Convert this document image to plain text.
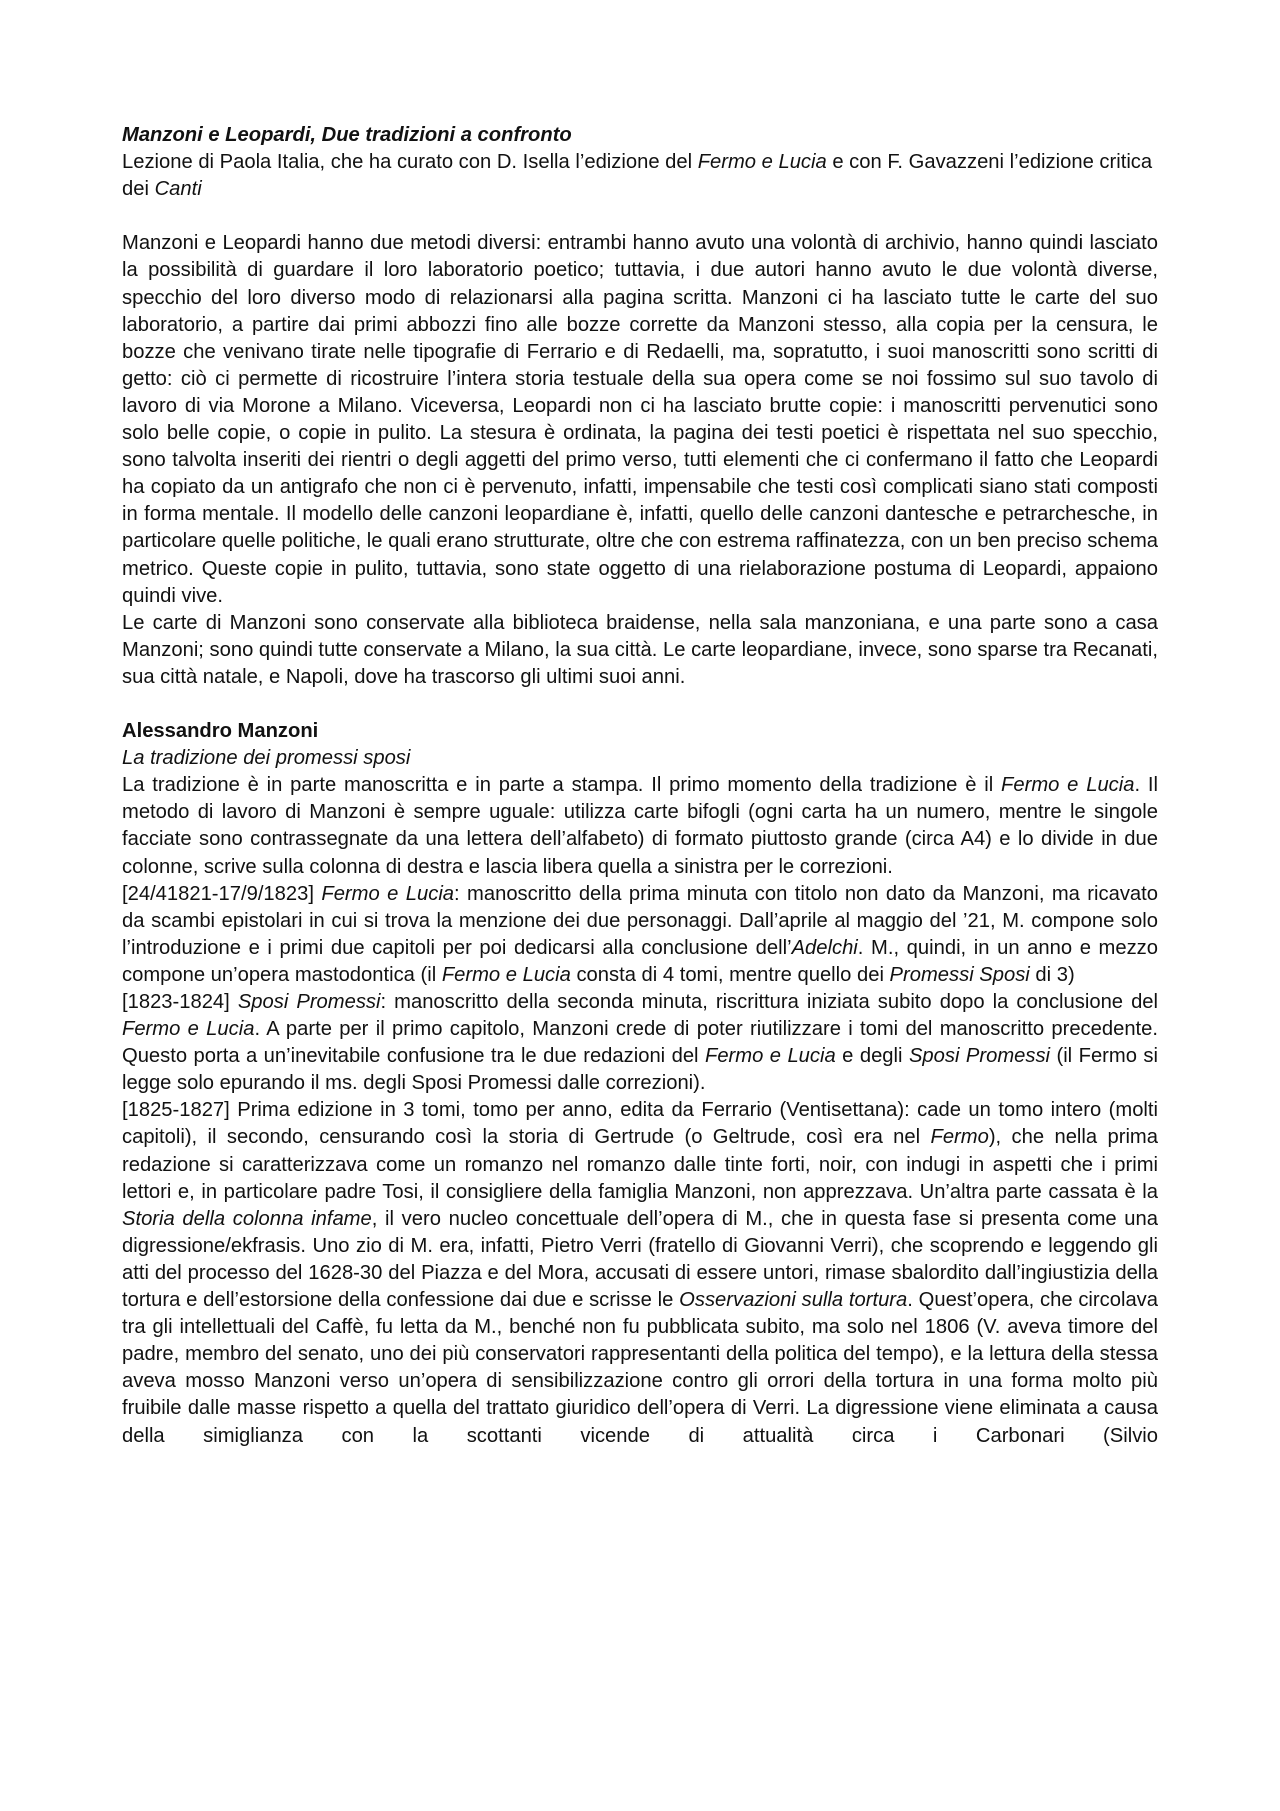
Manzoni e Leopardi, Due tradizioni a confronto

Lezione di Paola Italia, che ha curato con D. Isella l’edizione del Fermo e Lucia e con F. Gavazzeni l’edizione critica dei Canti

Manzoni e Leopardi hanno due metodi diversi: entrambi hanno avuto una volontà di archivio, hanno quindi lasciato la possibilità di guardare il loro laboratorio poetico; tuttavia, i due autori hanno avuto le due volontà diverse, specchio del loro diverso modo di relazionarsi alla pagina scritta. Manzoni ci ha lasciato tutte le carte del suo laboratorio, a partire dai primi abbozzi fino alle bozze corrette da Manzoni stesso, alla copia per la censura, le bozze che venivano tirate nelle tipografie di Ferrario e di Redaelli, ma, sopratutto, i suoi manoscritti sono scritti di getto: ciò ci permette di ricostruire l’intera storia testuale della sua opera come se noi fossimo sul suo tavolo di lavoro di via Morone a Milano. Viceversa, Leopardi non ci ha lasciato brutte copie: i manoscritti pervenutici sono solo belle copie, o copie in pulito. La stesura è ordinata, la pagina dei testi poetici è rispettata nel suo specchio, sono talvolta inseriti dei rientri o degli aggetti del primo verso, tutti elementi che ci confermano il fatto che Leopardi ha copiato da un antigrafo che non ci è pervenuto, infatti, impensabile che testi così complicati siano stati composti in forma mentale. Il modello delle canzoni leopardiane è, infatti, quello delle canzoni dantesche e petrarchesche, in particolare quelle politiche, le quali erano strutturate, oltre che con estrema raffinatezza, con un ben preciso schema metrico. Queste copie in pulito, tuttavia, sono state oggetto di una rielaborazione postuma di Leopardi, appaiono quindi vive.

Le carte di Manzoni sono conservate alla biblioteca braidense, nella sala manzoniana, e una parte sono a casa Manzoni; sono quindi tutte conservate a Milano, la sua città. Le carte leopardiane, invece, sono sparse tra Recanati, sua città natale, e Napoli, dove ha trascorso gli ultimi suoi anni.

Alessandro Manzoni

La tradizione dei promessi sposi

La tradizione è in parte manoscritta e in parte a stampa. Il primo momento della tradizione è il Fermo e Lucia. Il metodo di lavoro di Manzoni è sempre uguale: utilizza carte bifogli (ogni carta ha un numero, mentre le singole facciate sono contrassegnate da una lettera dell’alfabeto) di formato piuttosto grande (circa A4) e lo divide in due colonne, scrive sulla colonna di destra e lascia libera quella a sinistra per le correzioni.

[24/41821-17/9/1823] Fermo e Lucia: manoscritto della prima minuta con titolo non dato da Manzoni, ma ricavato da scambi epistolari in cui si trova la menzione dei due personaggi. Dall’aprile al maggio del ’21, M. compone solo l’introduzione e i primi due capitoli per poi dedicarsi alla conclusione dell’Adelchi. M., quindi, in un anno e mezzo compone un’opera mastodontica (il Fermo e Lucia consta di 4 tomi, mentre quello dei Promessi Sposi di 3)

[1823-1824] Sposi Promessi: manoscritto della seconda minuta, riscrittura iniziata subito dopo la conclusione del Fermo e Lucia. A parte per il primo capitolo, Manzoni crede di poter riutilizzare i tomi del manoscritto precedente. Questo porta a un’inevitabile confusione tra le due redazioni del Fermo e Lucia e degli Sposi Promessi (il Fermo si legge solo epurando il ms. degli Sposi Promessi dalle correzioni).

[1825-1827] Prima edizione in 3 tomi, tomo per anno, edita da Ferrario (Ventisettana): cade un tomo intero (molti capitoli), il secondo, censurando così la storia di Gertrude (o Geltrude, così era nel Fermo), che nella prima redazione si caratterizzava come un romanzo nel romanzo dalle tinte forti, noir, con indugi in aspetti che i primi lettori e, in particolare padre Tosi, il consigliere della famiglia Manzoni, non apprezzava. Un’altra parte cassata è la Storia della colonna infame, il vero nucleo concettuale dell’opera di M., che in questa fase si presenta come una digressione/ekfrasis. Uno zio di M. era, infatti, Pietro Verri (fratello di Giovanni Verri), che scoprendo e leggendo gli atti del processo del 1628-30 del Piazza e del Mora, accusati di essere untori, rimase sbalordito dall’ingiustizia della tortura e dell’estorsione della confessione dai due e scrisse le Osservazioni sulla tortura. Quest’opera, che circolava tra gli intellettuali del Caffè, fu letta da M., benché non fu pubblicata subito, ma solo nel 1806 (V. aveva timore del padre, membro del senato, uno dei più conservatori rappresentanti della politica del tempo), e la lettura della stessa aveva mosso Manzoni verso un’opera di sensibilizzazione contro gli orrori della tortura in una forma molto più fruibile dalle masse rispetto a quella del trattato giuridico dell’opera di Verri. La digressione viene eliminata a causa della simiglianza con la scottanti vicende di attualità circa i Carbonari (Silvio
